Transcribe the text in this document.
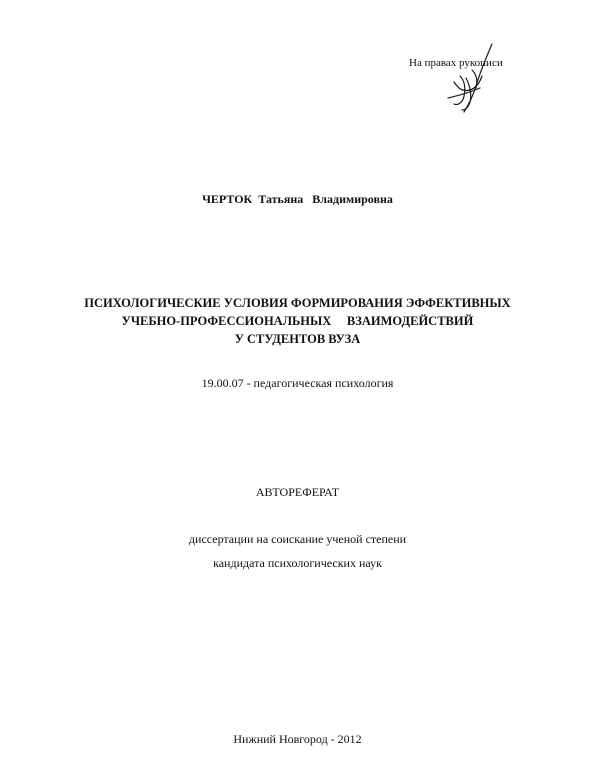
На правах рукописи
ЧЕРТОК  Татьяна   Владимировна
ПСИХОЛОГИЧЕСКИЕ УСЛОВИЯ ФОРМИРОВАНИЯ ЭФФЕКТИВНЫХ
УЧЕБНО-ПРОФЕССИОНАЛЬНЫХ     ВЗАИМОДЕЙСТВИЙ
У СТУДЕНТОВ ВУЗА
19.00.07 - педагогическая психология
АВТОРЕФЕРАТ
диссертации на соискание ученой степени
кандидата психологических наук
Нижний Новгород - 2012
